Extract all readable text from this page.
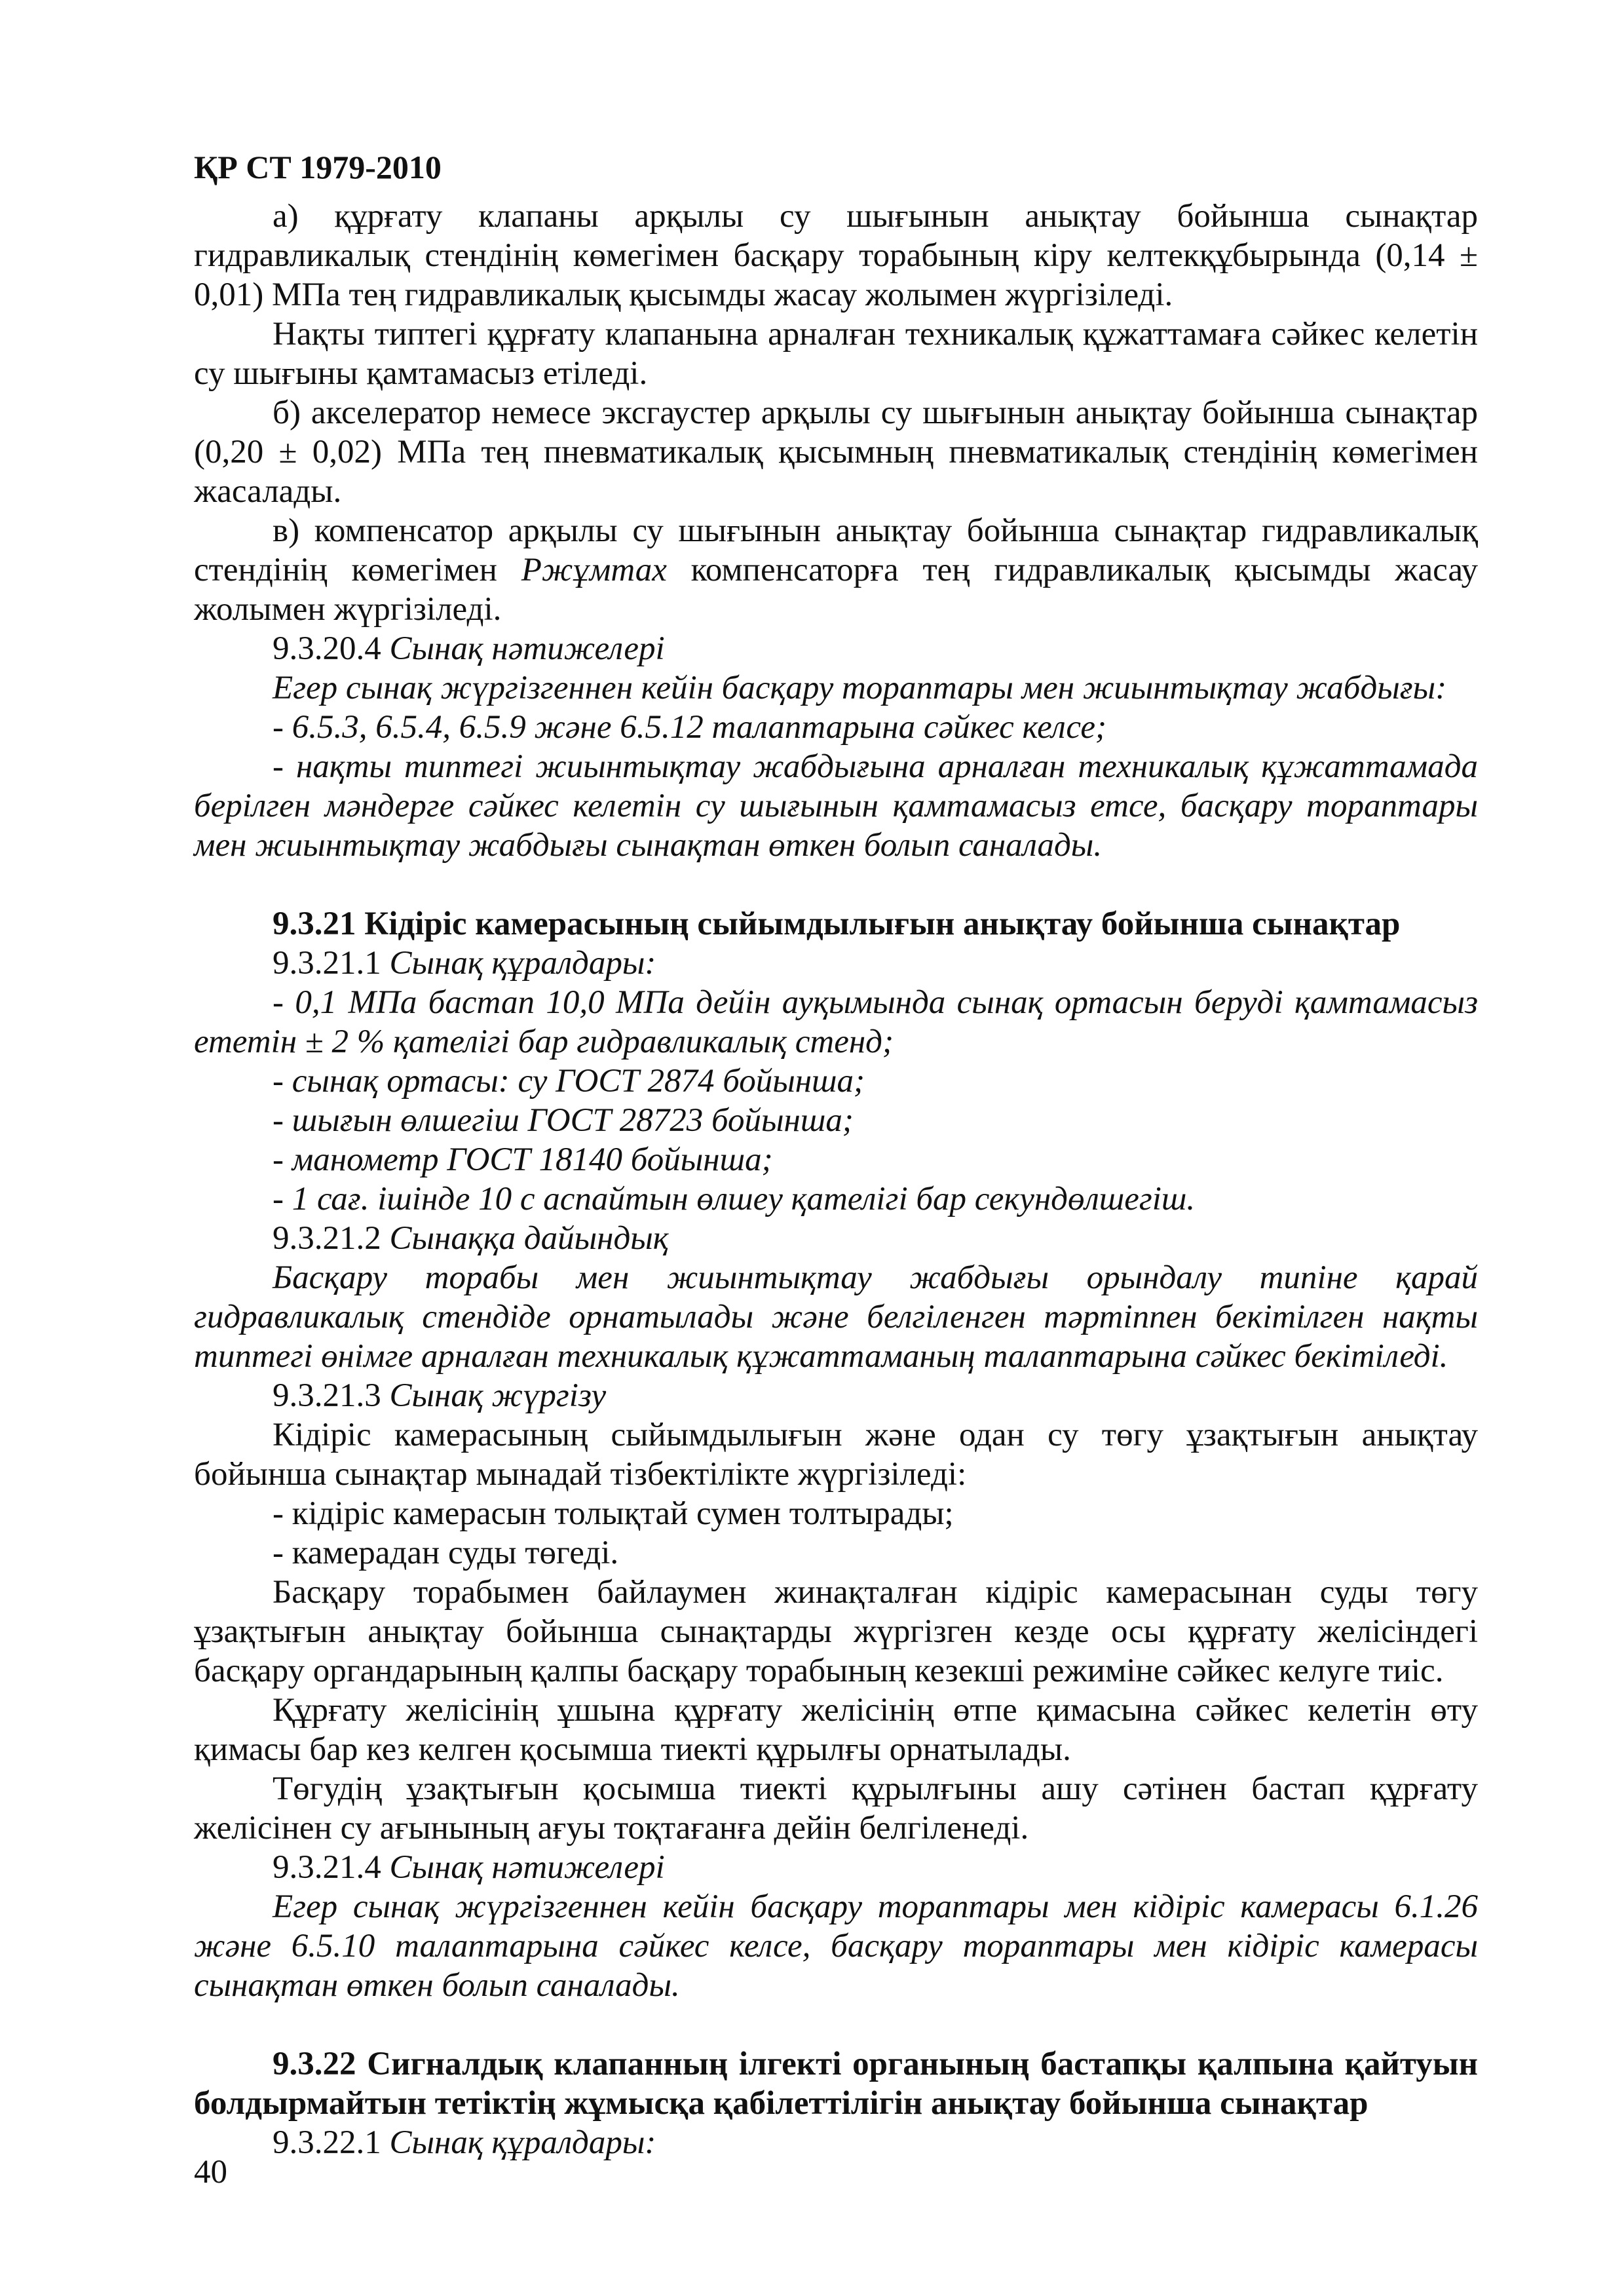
ҚР СТ 1979-2010

а) құрғату клапаны арқылы су шығынын анықтау бойынша сынақтар гидравликалық стендінің көмегімен басқару торабының кіру келтекқұбырында (0,14 ± 0,01) МПа тең гидравликалық қысымды жасау жолымен жүргізіледі.

Нақты типтегі құрғату клапанына арналған техникалық құжаттамаға сәйкес келетін су шығыны қамтамасыз етіледі.

б) акселератор немесе эксгаустер арқылы су шығынын анықтау бойынша сынақтар (0,20 ± 0,02) МПа тең пневматикалық қысымның пневматикалық стендінің көмегімен жасалады.

в) компенсатор арқылы су шығынын анықтау бойынша сынақтар гидравликалық стендінің көмегімен Ржұмтах компенсаторға тең гидравликалық қысымды жасау жолымен жүргізіледі.

9.3.20.4 Сынақ нәтижелері

Егер сынақ жүргізгеннен кейін басқару тораптары мен жиынтықтау жабдығы:

- 6.5.3, 6.5.4, 6.5.9 және 6.5.12 талаптарына сәйкес келсе;

- нақты типтегі жиынтықтау жабдығына арналған техникалық құжаттамада берілген мәндерге сәйкес келетін су шығынын қамтамасыз етсе, басқару тораптары мен жиынтықтау жабдығы сынақтан өткен болып саналады.

9.3.21 Кідіріс камерасының сыйымдылығын анықтау бойынша сынақтар

9.3.21.1 Сынақ құралдары:

- 0,1 МПа бастап 10,0 МПа дейін ауқымында сынақ ортасын беруді қамтамасыз ететін ± 2 % қателігі бар гидравликалық стенд;

- сынақ ортасы: су ГОСТ 2874 бойынша;

- шығын өлшегіш ГОСТ 28723 бойынша;

- манометр ГОСТ 18140 бойынша;

- 1 сағ. ішінде 10 с аспайтын өлшеу қателігі бар секундөлшегіш.

9.3.21.2 Сынаққа дайындық

Басқару торабы мен жиынтықтау жабдығы орындалу типіне қарай гидравликалық стендіде орнатылады және белгіленген тәртіппен бекітілген нақты типтегі өнімге арналған техникалық құжаттаманың талаптарына сәйкес бекітіледі.

9.3.21.3 Сынақ жүргізу

Кідіріс камерасының сыйымдылығын және одан су төгу ұзақтығын анықтау бойынша сынақтар мынадай тізбектілікте жүргізіледі:

- кідіріс камерасын толықтай сумен толтырады;

- камерадан суды төгеді.

Басқару торабымен байлаумен жинақталған кідіріс камерасынан суды төгу ұзақтығын анықтау бойынша сынақтарды жүргізген кезде осы құрғату желісіндегі басқару органдарының қалпы басқару торабының кезекші режиміне сәйкес келуге тиіс.

Құрғату желісінің ұшына құрғату желісінің өтпе қимасына сәйкес келетін өту қимасы бар кез келген қосымша тиекті құрылғы орнатылады.

Төгудің ұзақтығын қосымша тиекті құрылғыны ашу сәтінен бастап құрғату желісінен су ағынының ағуы тоқтағанға дейін белгіленеді.

9.3.21.4 Сынақ нәтижелері

Егер сынақ жүргізгеннен кейін басқару тораптары мен кідіріс камерасы 6.1.26 және 6.5.10 талаптарына сәйкес келсе, басқару тораптары мен кідіріс камерасы сынақтан өткен болып саналады.

9.3.22 Сигналдық клапанның ілгекті органының бастапқы қалпына қайтуын болдырмайтын тетіктің жұмысқа қабілеттілігін анықтау бойынша сынақтар

9.3.22.1 Сынақ құралдары:

40
